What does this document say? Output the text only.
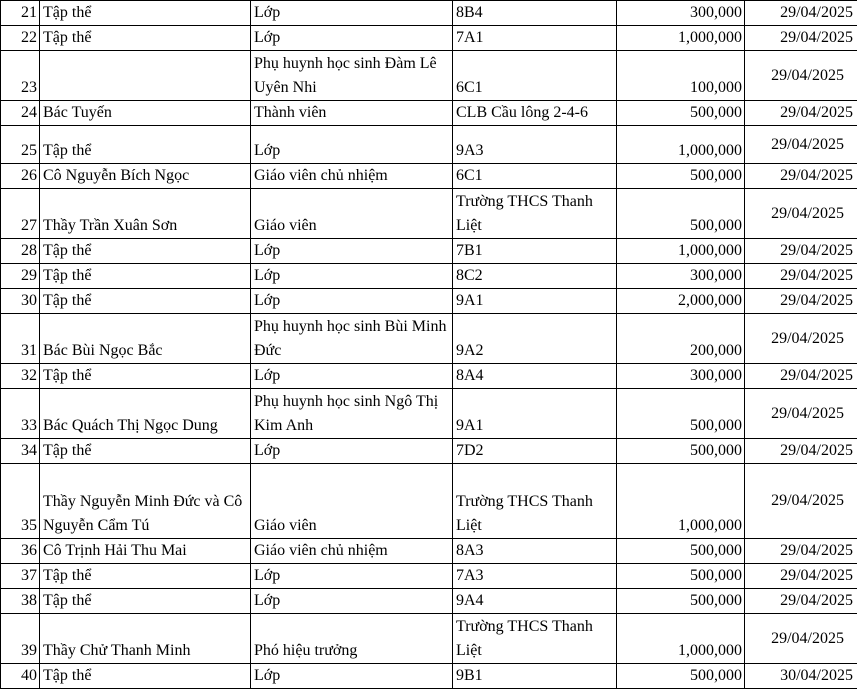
21	Tập thể	Lớp	8B4	300,000	29/04/2025
22	Tập thể	Lớp	7A1	1,000,000	29/04/2025
23		Phụ huynh học sinh Đàm Lê Uyên Nhi	6C1	100,000	29/04/2025
24	Bác Tuyến	Thành viên	CLB Cầu lông 2-4-6	500,000	29/04/2025
25	Tập thể	Lớp	9A3	1,000,000	29/04/2025
26	Cô Nguyễn Bích Ngọc	Giáo viên chủ nhiệm	6C1	500,000	29/04/2025
27	Thầy Trần Xuân Sơn	Giáo viên	Trường THCS Thanh Liệt	500,000	29/04/2025
28	Tập thể	Lớp	7B1	1,000,000	29/04/2025
29	Tập thể	Lớp	8C2	300,000	29/04/2025
30	Tập thể	Lớp	9A1	2,000,000	29/04/2025
31	Bác Bùi Ngọc Bắc	Phụ huynh học sinh Bùi Minh Đức	9A2	200,000	29/04/2025
32	Tập thể	Lớp	8A4	300,000	29/04/2025
33	Bác Quách Thị Ngọc Dung	Phụ huynh học sinh Ngô Thị Kim Anh	9A1	500,000	29/04/2025
34	Tập thể	Lớp	7D2	500,000	29/04/2025
35	Thầy Nguyễn Minh Đức và Cô Nguyễn Cẩm Tú	Giáo viên	Trường THCS Thanh Liệt	1,000,000	29/04/2025
36	Cô Trịnh Hải Thu Mai	Giáo viên chủ nhiệm	8A3	500,000	29/04/2025
37	Tập thể	Lớp	7A3	500,000	29/04/2025
38	Tập thể	Lớp	9A4	500,000	29/04/2025
39	Thầy Chử Thanh Minh	Phó hiệu trưởng	Trường THCS Thanh Liệt	1,000,000	29/04/2025
40	Tập thể	Lớp	9B1	500,000	30/04/2025
